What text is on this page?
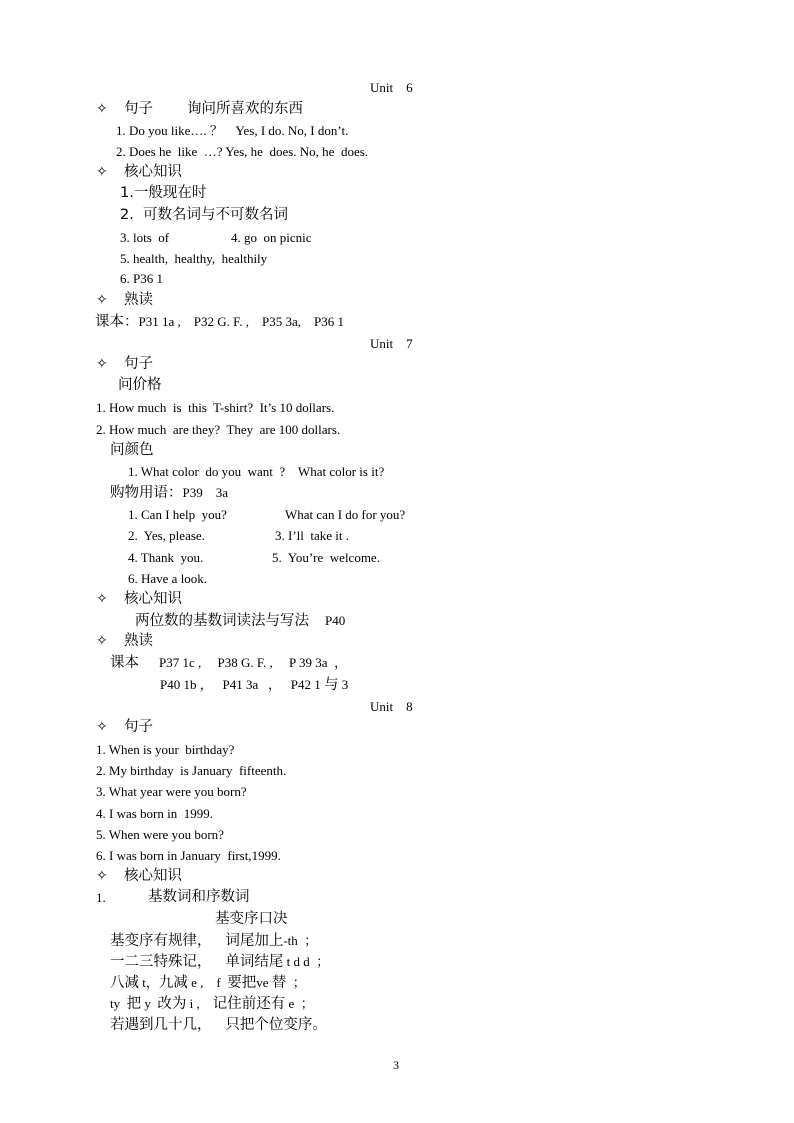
Unit    6
✧ 句子 询问所喜欢的东西
1. Do you like…. ？    Yes, I do. No, I don’t.
2. Does he  like  …? Yes, he  does. No, he  does.
✧ 核心知识
1.一般现在时
2.  可数名词与不可数名词
3. lots  of	4. go  on picnic
5. health,  healthy,  healthily
6. P36 1
✧ 熟读
课本：P31 1a ,    P32 G. F. ,    P35 3a,    P36 1
Unit    7
✧ 句子
问价格
1. How much  is  this  T-shirt?  It’s 10 dollars.
2. How much  are they?  They  are 100 dollars.
问颜色
1. What color  do you  want  ?    What color is it?
购物用语：P39    3a
1. Can I help  you?	What can I do for you?
2.  Yes, please.	3. I’ll  take it .
4. Thank  you.	5.  You’re  welcome.
6. Have a look.
✧ 核心知识
两位数的基数词读法与写法 P40
✧ 熟读
课本 P37 1c ,     P38 G. F. ,     P 39 3a  ，
P40 1b ，   P41 3a   ，   P42 1 与 3
Unit    8
✧ 句子
1. When is your  birthday?
2. My birthday  is January  fifteenth.
3. What year were you born?
4. I was born in  1999.
5. When were you born?
6. I was born in January  first,1999.
✧ 核心知识
1.	基数词和序数词
基变序口决
基变序有规律，   词尾加上-th  ；
一二三特殊记，   单词结尾 t d d  ；
八减 t，九减 e ,    f  要把ve 替  ；
ty  把 y  改为 i ,    记住前还有 e  ；
若遇到几十几，   只把个位变序。
3
